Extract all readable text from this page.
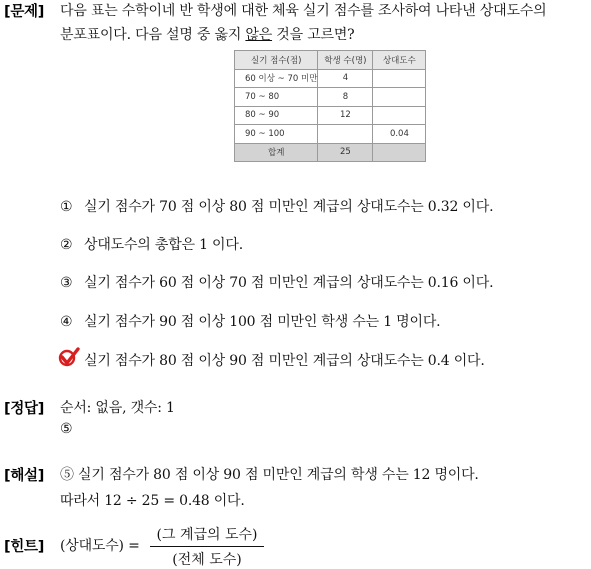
[문제] 다음 표는 수학이네 반 학생에 대한 체육 실기 점수를 조사하여 나타낸 상대도수의
분포표이다. 다음 설명 중 옳지 않은 것을 고르면?
실기 점수(점)	학생 수(명)	상대도수
60 이상 ~ 70 미만	4	
70 ~ 80	8	
80 ~ 90	12	
90 ~ 100		0.04
합계	25	
① 실기 점수가 70 점 이상 80 점 미만인 계급의 상대도수는 0.32 이다.
② 상대도수의 총합은 1 이다.
③ 실기 점수가 60 점 이상 70 점 미만인 계급의 상대도수는 0.16 이다.
④ 실기 점수가 90 점 이상 100 점 미만인 학생 수는 1 명이다.
실기 점수가 80 점 이상 90 점 미만인 계급의 상대도수는 0.4 이다.
[정답] 순서: 없음, 갯수: 1
⑤
[해설] ⑤ 실기 점수가 80 점 이상 90 점 미만인 계급의 학생 수는 12 명이다.
따라서 12 ÷ 25 = 0.48 이다.
[힌트] (상대도수) =
(그 계급의 도수)
(전체 도수)
